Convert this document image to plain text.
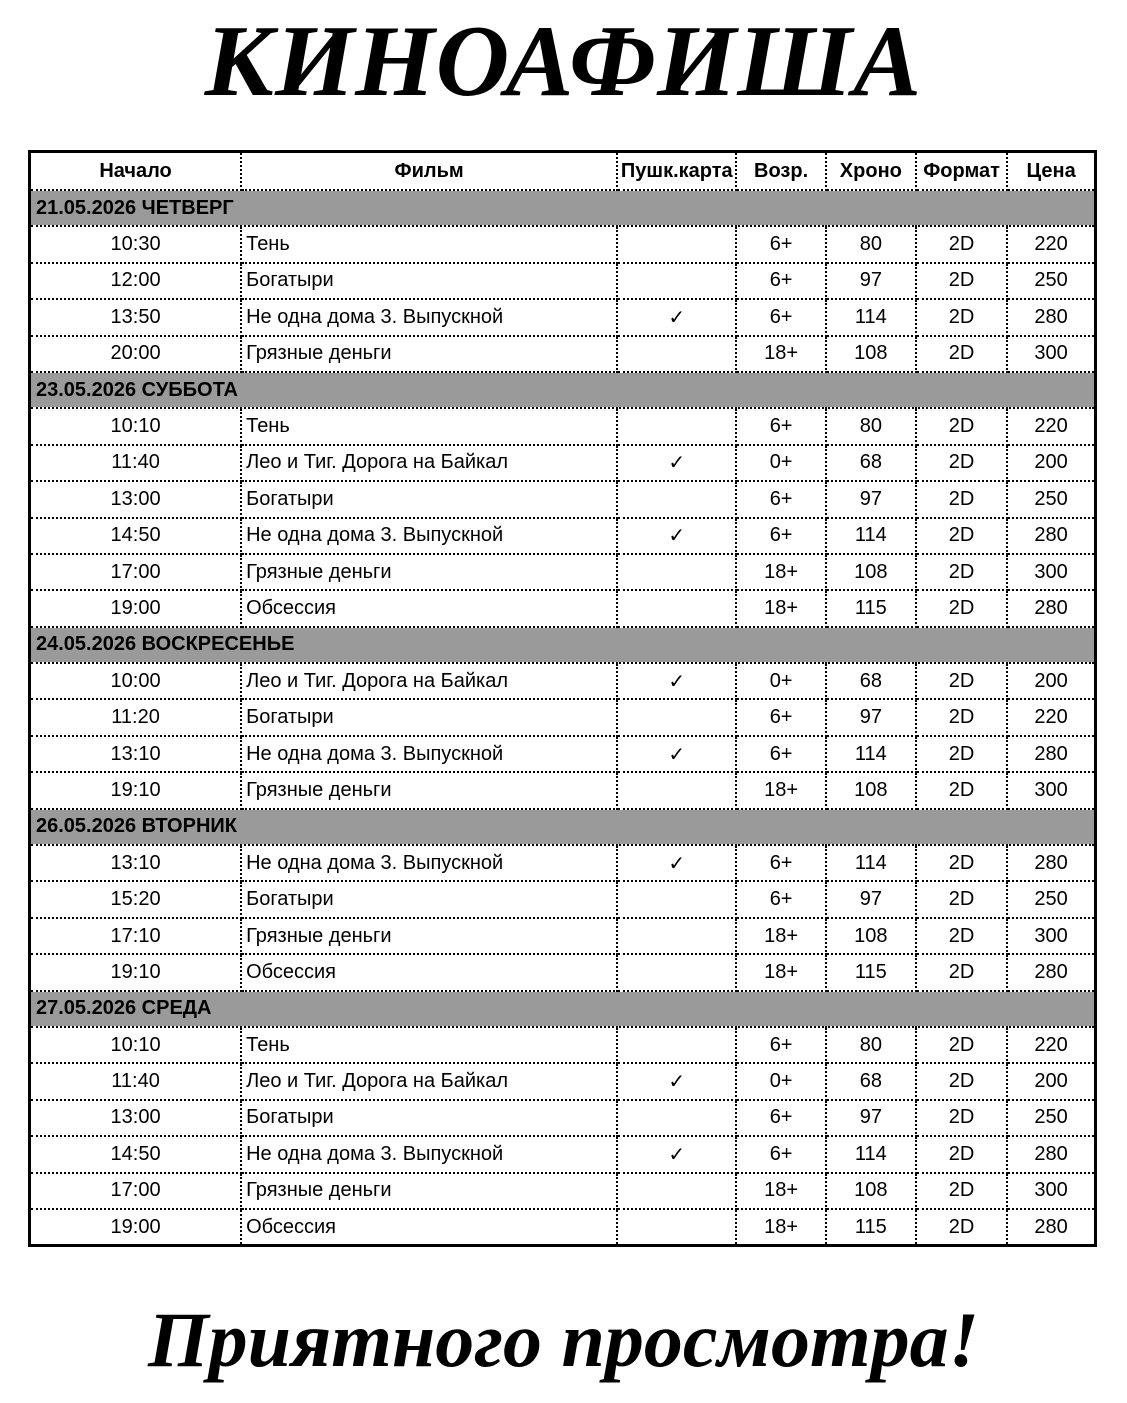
КИНОАФИША
Начало	Фильм	Пушк.карта	Возр.	Хроно	Формат	Цена
21.05.2026 ЧЕТВЕРГ						
10:30	Тень		6+	80	2D	220
12:00	Богатыри		6+	97	2D	250
13:50	Не одна дома 3. Выпускной	✓	6+	114	2D	280
20:00	Грязные деньги		18+	108	2D	300
23.05.2026 СУББОТА						
10:10	Тень		6+	80	2D	220
11:40	Лео и Тиг. Дорога на Байкал	✓	0+	68	2D	200
13:00	Богатыри		6+	97	2D	250
14:50	Не одна дома 3. Выпускной	✓	6+	114	2D	280
17:00	Грязные деньги		18+	108	2D	300
19:00	Обсессия		18+	115	2D	280
24.05.2026 ВОСКРЕСЕНЬЕ						
10:00	Лео и Тиг. Дорога на Байкал	✓	0+	68	2D	200
11:20	Богатыри		6+	97	2D	220
13:10	Не одна дома 3. Выпускной	✓	6+	114	2D	280
19:10	Грязные деньги		18+	108	2D	300
26.05.2026 ВТОРНИК						
13:10	Не одна дома 3. Выпускной	✓	6+	114	2D	280
15:20	Богатыри		6+	97	2D	250
17:10	Грязные деньги		18+	108	2D	300
19:10	Обсессия		18+	115	2D	280
27.05.2026 СРЕДА						
10:10	Тень		6+	80	2D	220
11:40	Лео и Тиг. Дорога на Байкал	✓	0+	68	2D	200
13:00	Богатыри		6+	97	2D	250
14:50	Не одна дома 3. Выпускной	✓	6+	114	2D	280
17:00	Грязные деньги		18+	108	2D	300
19:00	Обсессия		18+	115	2D	280
Приятного просмотра!
